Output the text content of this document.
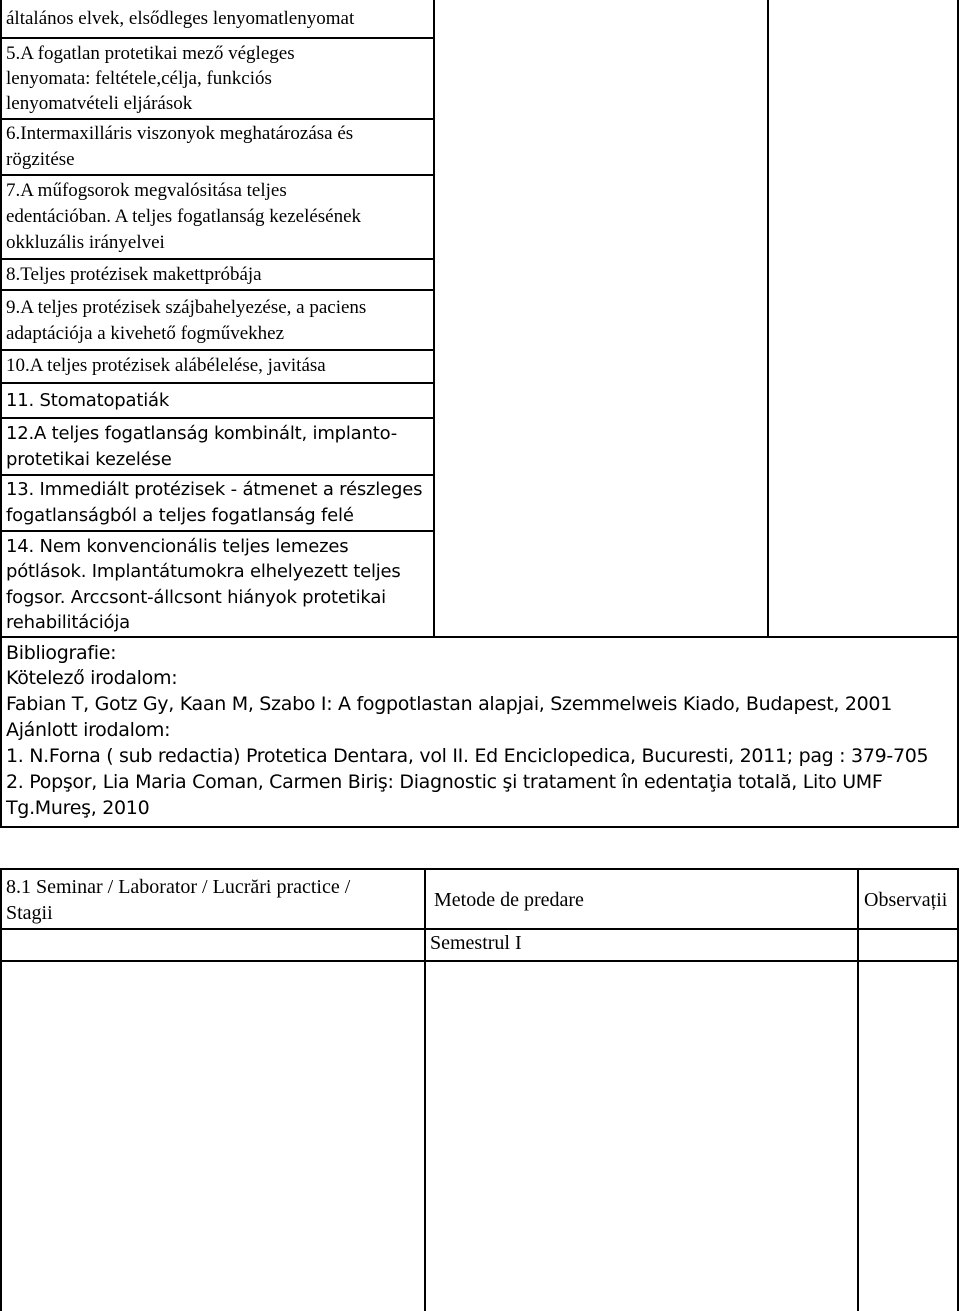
általános elvek, elsődleges lenyomatlenyomat
5.A fogatlan protetikai mező végleges
lenyomata: feltétele,célja, funkciós
lenyomatvételi eljárások
6.Intermaxilláris viszonyok meghatározása és
rögzitése
7.A műfogsorok megvalósitása teljes
edentációban. A teljes fogatlanság kezelésének
okkluzális irányelvei
8.Teljes protézisek makettpróbája
9.A teljes protézisek szájbahelyezése, a paciens
adaptációja a kivehető fogművekhez
10.A teljes protézisek alábélelése, javitása
11. Stomatopatiák
12.A teljes fogatlanság kombinált, implanto-
protetikai kezelése
13. Immediált protézisek - átmenet a részleges
fogatlanságból a teljes fogatlanság felé
14. Nem konvencionális teljes lemezes
pótlások. Implantátumokra elhelyezett teljes
fogsor. Arccsont-állcsont hiányok protetikai
rehabilitációja
Bibliografie:
Kötelező irodalom:
Fabian T, Gotz Gy, Kaan M, Szabo I: A fogpotlastan alapjai, Szemmelweis Kiado, Budapest, 2001
Ajánlott irodalom:
1. N.Forna ( sub redactia) Protetica Dentara, vol II. Ed Enciclopedica, Bucuresti, 2011; pag : 379-705
2. Popşor, Lia Maria Coman, Carmen Biriş: Diagnostic şi tratament în edentaţia totală, Lito UMF
Tg.Mureş, 2010
8.1 Seminar / Laborator / Lucrări practice /
Stagii
Metode de predare	Observații
Semestrul I
